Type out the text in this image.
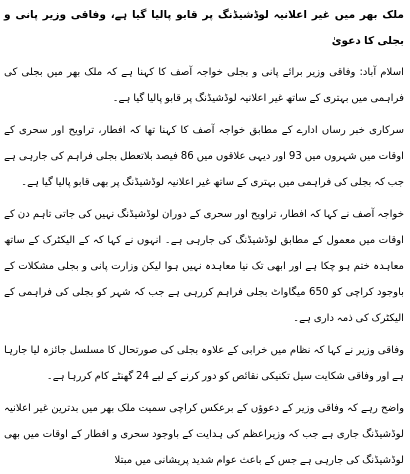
ملک بھر میں غیر اعلانیہ لوڈشیڈنگ پر قابو پالیا گیا ہے، وفاقی وزیر پانی و بجلی کا دعویٰ

اسلام آباد: وفاقی وزیر برائے پانی و بجلی خواجہ آصف کا کہنا ہے کہ ملک بھر میں بجلی کی فراہمی میں بہتری کے ساتھ غیر اعلانیہ لوڈشیڈنگ پر قابو پالیا گیا ہے۔

سرکاری خبر رساں ادارے کے مطابق خواجہ آصف کا کہنا تھا کہ افطار، تراویح اور سحری کے اوقات میں شہروں میں 93 اور دیہی علاقوں میں 86 فیصد بلاتعطل بجلی فراہم کی جارہی ہے جب کہ بجلی کی فراہمی میں بہتری کے ساتھ غیر اعلانیہ لوڈشیڈنگ پر بھی قابو پالیا گیا ہے۔

خواجہ آصف نے کہا کہ افطار، تراویح اور سحری کے دوران لوڈشیڈنگ نہیں کی جاتی تاہم دن کے اوقات میں معمول کے مطابق لوڈشیڈنگ کی جارہی ہے۔ انہوں نے کہا کہ کے الیکٹرک کے ساتھ معاہدہ ختم ہو چکا ہے اور ابھی تک نیا معاہدہ نہیں ہوا لیکن وزارت پانی و بجلی مشکلات کے باوجود کراچی کو 650 میگاواٹ بجلی فراہم کررہی ہے جب کہ شہر کو بجلی کی فراہمی کے الیکٹرک کی ذمہ داری ہے۔

وفاقی وزیر نے کہا کہ نظام میں خرابی کے علاوہ بجلی کی صورتحال کا مسلسل جائزہ لیا جارہا ہے اور وفاقی شکایت سیل تکنیکی نقائص کو دور کرنے کے لیے 24 گھنٹے کام کررہا ہے۔

واضح رہے کہ وفاقی وزیر کے دعوؤں کے برعکس کراچی سمیت ملک بھر میں بدترین غیر اعلانیہ لوڈشیڈنگ جاری ہے جب کہ وزیراعظم کی ہدایت کے باوجود سحری و افطار کے اوقات میں بھی لوڈشیڈنگ کی جارہی ہے جس کے باعث عوام شدید پریشانی میں مبتلا
